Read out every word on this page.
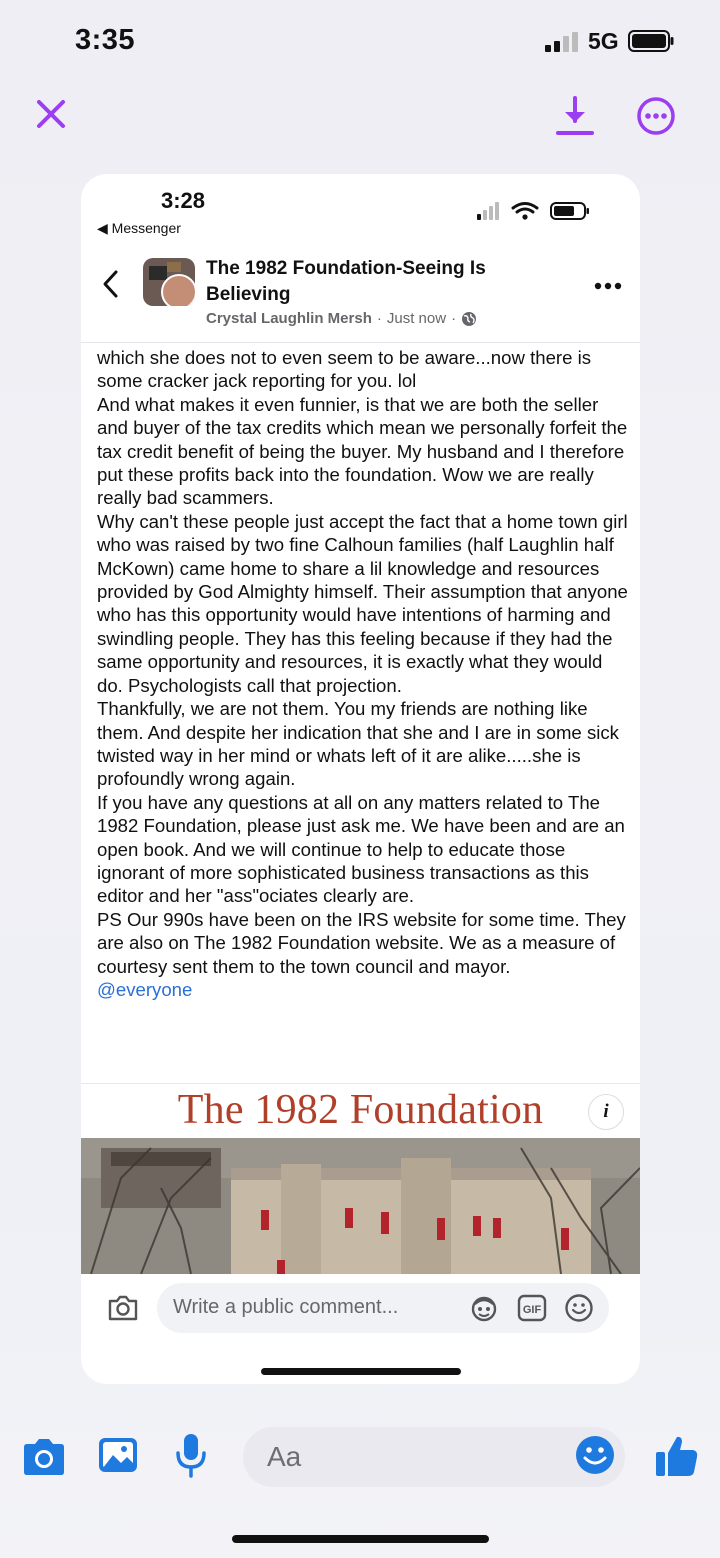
3:35	5G
3:28
◀ Messenger
The 1982 Foundation-Seeing Is Believing
Crystal Laughlin Mersh · Just now ·

which she does not to even seem to be aware...now there is some cracker jack reporting for you. lol

And what makes it even funnier, is that we are both the seller and buyer of the tax credits which mean we personally forfeit the tax credit benefit of being the buyer. My husband and I therefore put these profits back into the foundation. Wow we are really really bad scammers.

Why can't these people just accept the fact that a home town girl who was raised by two fine Calhoun families (half Laughlin half McKown) came home to share a lil knowledge and resources provided by God Almighty himself. Their assumption that anyone who has this opportunity would have intentions of harming and swindling people. They has this feeling because if they had the same opportunity and resources, it is exactly what they would do. Psychologists call that projection.

Thankfully, we are not them. You my friends are nothing like them. And despite her indication that she and I are in some sick twisted way in her mind or whats left of it are alike.....she is profoundly wrong again.

If you have any questions at all on any matters related to The 1982 Foundation, please just ask me. We have been and are an open book. And we will continue to help to educate those ignorant of more sophisticated business transactions as this editor and her "ass"ociates clearly are.

PS Our 990s have been on the IRS website for some time. They are also on The 1982 Foundation website. We as a measure of courtesy sent them to the town council and mayor.

@everyone

The 1982 Foundation	i
Write a public comment...	GIF
Aa
